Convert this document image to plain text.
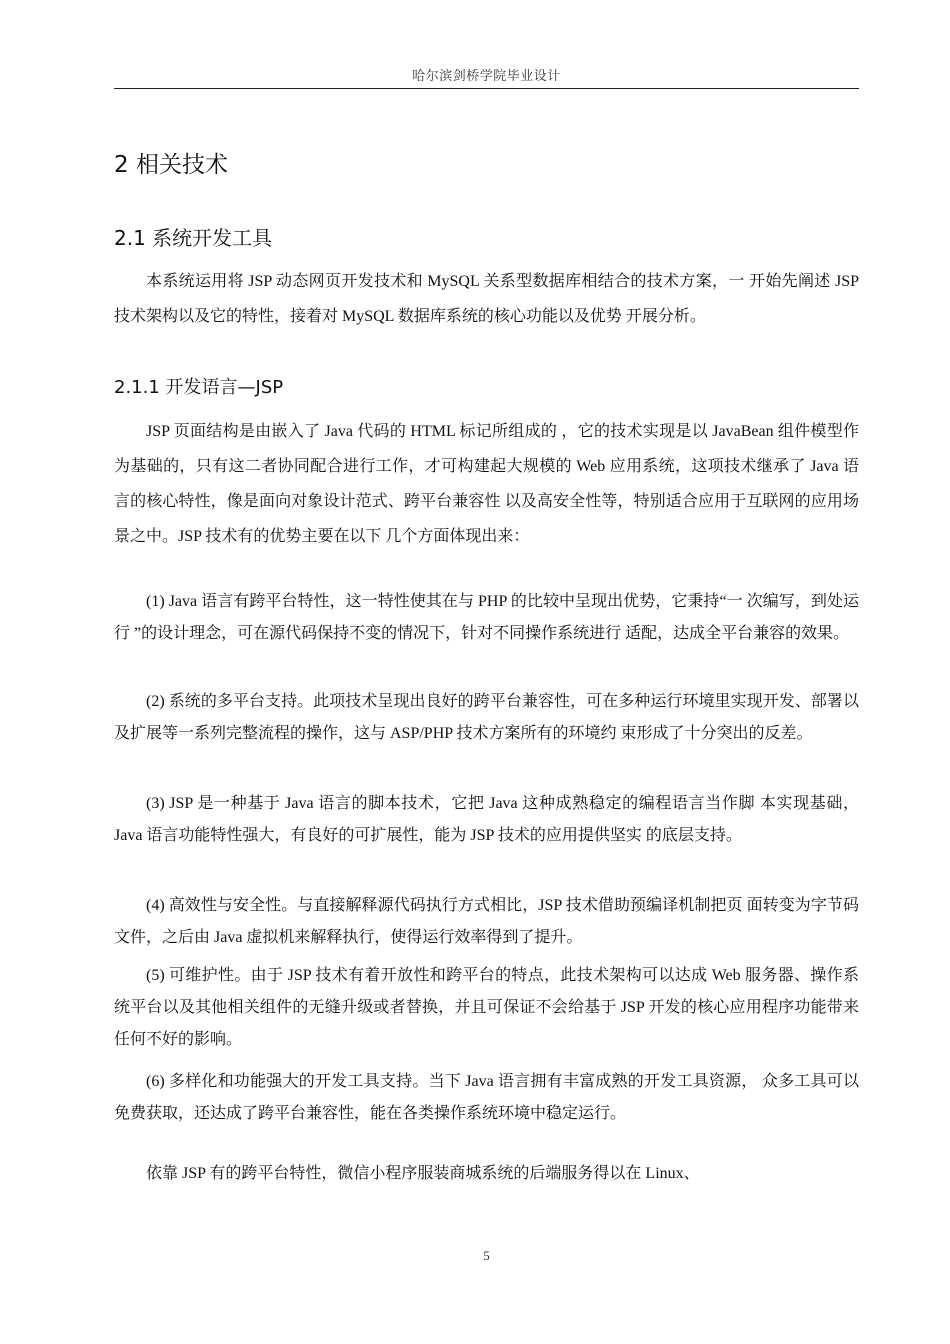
哈尔滨剑桥学院毕业设计
2 相关技术
2.1 系统开发工具

本系统运用将 JSP 动态网页开发技术和 MySQL 关系型数据库相结合的技术方案，一 开始先阐述 JSP 技术架构以及它的特性，接着对 MySQL 数据库系统的核心功能以及优势 开展分析。

2.1.1 开发语言—JSP

JSP 页面结构是由嵌入了 Java 代码的 HTML 标记所组成的 ，它的技术实现是以 JavaBean 组件模型作为基础的，只有这二者协同配合进行工作，才可构建起大规模的 Web 应用系统，这项技术继承了 Java 语言的核心特性，像是面向对象设计范式、跨平台兼容性 以及高安全性等，特别适合应用于互联网的应用场景之中。JSP 技术有的优势主要在以下 几个方面体现出来：

(1) Java 语言有跨平台特性，这一特性使其在与 PHP 的比较中呈现出优势，它秉持“一 次编写，到处运行 ”的设计理念，可在源代码保持不变的情况下，针对不同操作系统进行 适配，达成全平台兼容的效果。

(2) 系统的多平台支持。此项技术呈现出良好的跨平台兼容性，可在多种运行环境里实现开发、部署以及扩展等一系列完整流程的操作，这与 ASP/PHP 技术方案所有的环境约 束形成了十分突出的反差。

(3) JSP 是一种基于 Java 语言的脚本技术，它把 Java 这种成熟稳定的编程语言当作脚 本实现基础，Java 语言功能特性强大，有良好的可扩展性，能为 JSP 技术的应用提供坚实 的底层支持。

(4) 高效性与安全性。与直接解释源代码执行方式相比，JSP 技术借助预编译机制把页 面转变为字节码文件，之后由 Java 虚拟机来解释执行，使得运行效率得到了提升。

(5) 可维护性。由于 JSP 技术有着开放性和跨平台的特点，此技术架构可以达成 Web 服务器、操作系统平台以及其他相关组件的无缝升级或者替换，并且可保证不会给基于 JSP 开发的核心应用程序功能带来任何不好的影响。

(6) 多样化和功能强大的开发工具支持。当下 Java 语言拥有丰富成熟的开发工具资源， 众多工具可以免费获取，还达成了跨平台兼容性，能在各类操作系统环境中稳定运行。

依靠 JSP 有的跨平台特性，微信小程序服装商城系统的后端服务得以在 Linux、

5
